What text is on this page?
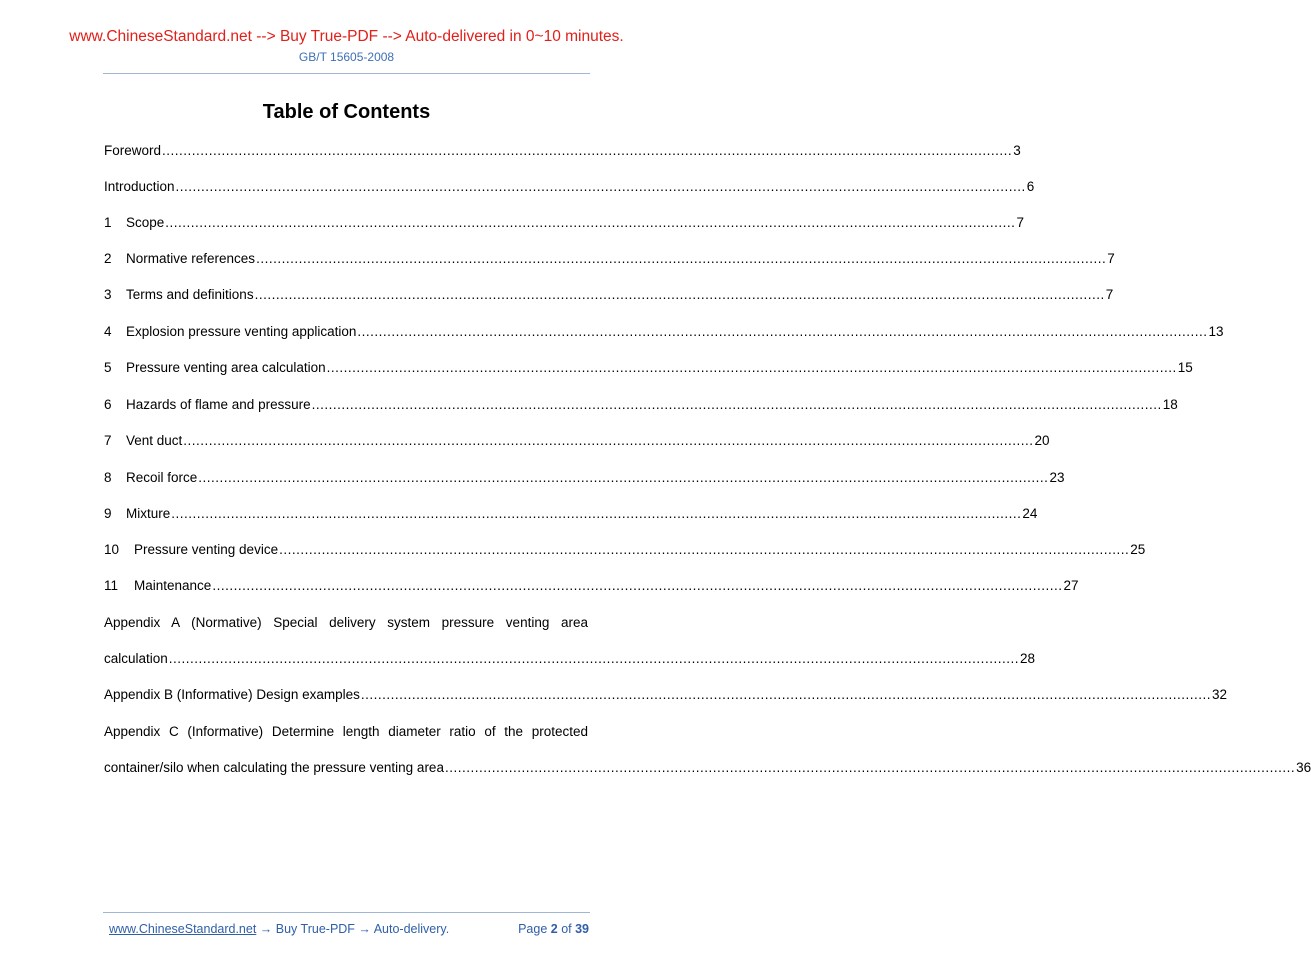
www.ChineseStandard.net --> Buy True-PDF --> Auto-delivered in 0~10 minutes.
GB/T 15605-2008
Table of Contents
Foreword ........................................................................................................................................................................................................ 3
Introduction ........................................................................................................................................................................................................ 6
1	Scope ........................................................................................................................................................................................................ 7
2	Normative references ........................................................................................................................................................................................................ 7
3	Terms and definitions ........................................................................................................................................................................................................ 7
4	Explosion pressure venting application ........................................................................................................................................................................................................ 13
5	Pressure venting area calculation ........................................................................................................................................................................................................ 15
6	Hazards of flame and pressure ........................................................................................................................................................................................................ 18
7	Vent duct ........................................................................................................................................................................................................ 20
8	Recoil force ........................................................................................................................................................................................................ 23
9	Mixture ........................................................................................................................................................................................................ 24
10	Pressure venting device ........................................................................................................................................................................................................ 25
11	Maintenance ........................................................................................................................................................................................................ 27
Appendix A (Normative) Special delivery system pressure venting area
calculation ........................................................................................................................................................................................................ 28
Appendix B (Informative) Design examples ........................................................................................................................................................................................................ 32
Appendix C (Informative) Determine length diameter ratio of the protected
container/silo when calculating the pressure venting area ........................................................................................................................................................................................................ 36
www.ChineseStandard.net → Buy True-PDF → Auto-delivery.	Page 2 of 39
